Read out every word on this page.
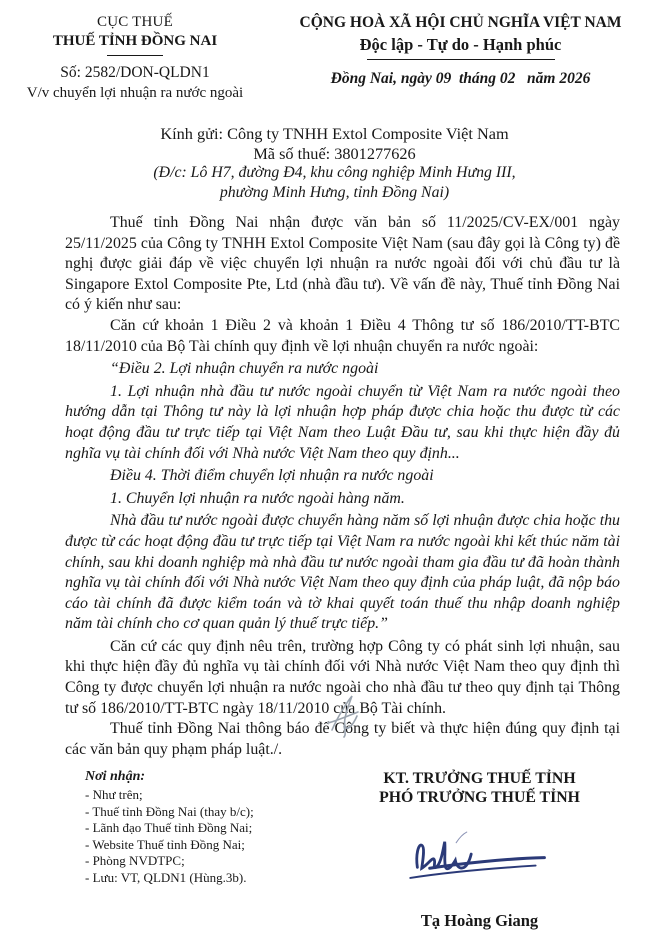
CỤC THUẾ
THUẾ TỈNH ĐỒNG NAI
Số: 2582/DON-QLDN1
V/v chuyển lợi nhuận ra nước ngoài
CỘNG HOÀ XÃ HỘI CHỦ NGHĨA VIỆT NAM
Độc lập - Tự do - Hạnh phúc
Đồng Nai, ngày 09  tháng 02   năm 2026
Kính gửi: Công ty TNHH Extol Composite Việt Nam
Mã số thuế: 3801277626
(Đ/c: Lô H7, đường Đ4, khu công nghiệp Minh Hưng III,
phường Minh Hưng, tỉnh Đồng Nai)

Thuế tỉnh Đồng Nai nhận được văn bản số 11/2025/CV-EX/001 ngày 25/11/2025 của Công ty TNHH Extol Composite Việt Nam (sau đây gọi là Công ty) đề nghị được giải đáp về việc chuyển lợi nhuận ra nước ngoài đối với chủ đầu tư là Singapore Extol Composite Pte, Ltd (nhà đầu tư). Về vấn đề này, Thuế tỉnh Đồng Nai có ý kiến như sau:

Căn cứ khoản 1 Điều 2 và khoản 1 Điều 4 Thông tư số 186/2010/TT-BTC 18/11/2010 của Bộ Tài chính quy định về lợi nhuận chuyển ra nước ngoài:

“Điều 2. Lợi nhuận chuyển ra nước ngoài

1. Lợi nhuận nhà đầu tư nước ngoài chuyển từ Việt Nam ra nước ngoài theo hướng dẫn tại Thông tư này là lợi nhuận hợp pháp được chia hoặc thu được từ các hoạt động đầu tư trực tiếp tại Việt Nam theo Luật Đầu tư, sau khi thực hiện đầy đủ nghĩa vụ tài chính đối với Nhà nước Việt Nam theo quy định...

Điều 4. Thời điểm chuyển lợi nhuận ra nước ngoài

1. Chuyển lợi nhuận ra nước ngoài hàng năm.

Nhà đầu tư nước ngoài được chuyển hàng năm số lợi nhuận được chia hoặc thu được từ các hoạt động đầu tư trực tiếp tại Việt Nam ra nước ngoài khi kết thúc năm tài chính, sau khi doanh nghiệp mà nhà đầu tư nước ngoài tham gia đầu tư đã hoàn thành nghĩa vụ tài chính đối với Nhà nước Việt Nam theo quy định của pháp luật, đã nộp báo cáo tài chính đã được kiểm toán và tờ khai quyết toán thuế thu nhập doanh nghiệp năm tài chính cho cơ quan quản lý thuế trực tiếp.”

Căn cứ các quy định nêu trên, trường hợp Công ty có phát sinh lợi nhuận, sau khi thực hiện đầy đủ nghĩa vụ tài chính đối với Nhà nước Việt Nam theo quy định thì Công ty được chuyển lợi nhuận ra nước ngoài cho nhà đầu tư theo quy định tại Thông tư số 186/2010/TT-BTC ngày 18/11/2010 của Bộ Tài chính.

Thuế tỉnh Đồng Nai thông báo để Công ty biết và thực hiện đúng quy định tại các văn bản quy phạm pháp luật./.

Nơi nhận:
- Như trên;
- Thuế tỉnh Đồng Nai (thay b/c);
- Lãnh đạo Thuế tỉnh Đồng Nai;
- Website Thuế tỉnh Đồng Nai;
- Phòng NVDTPC;
- Lưu: VT, QLDN1 (Hùng.3b).
KT. TRƯỞNG THUẾ TỈNH
PHÓ TRƯỞNG THUẾ TỈNH
Tạ Hoàng Giang
